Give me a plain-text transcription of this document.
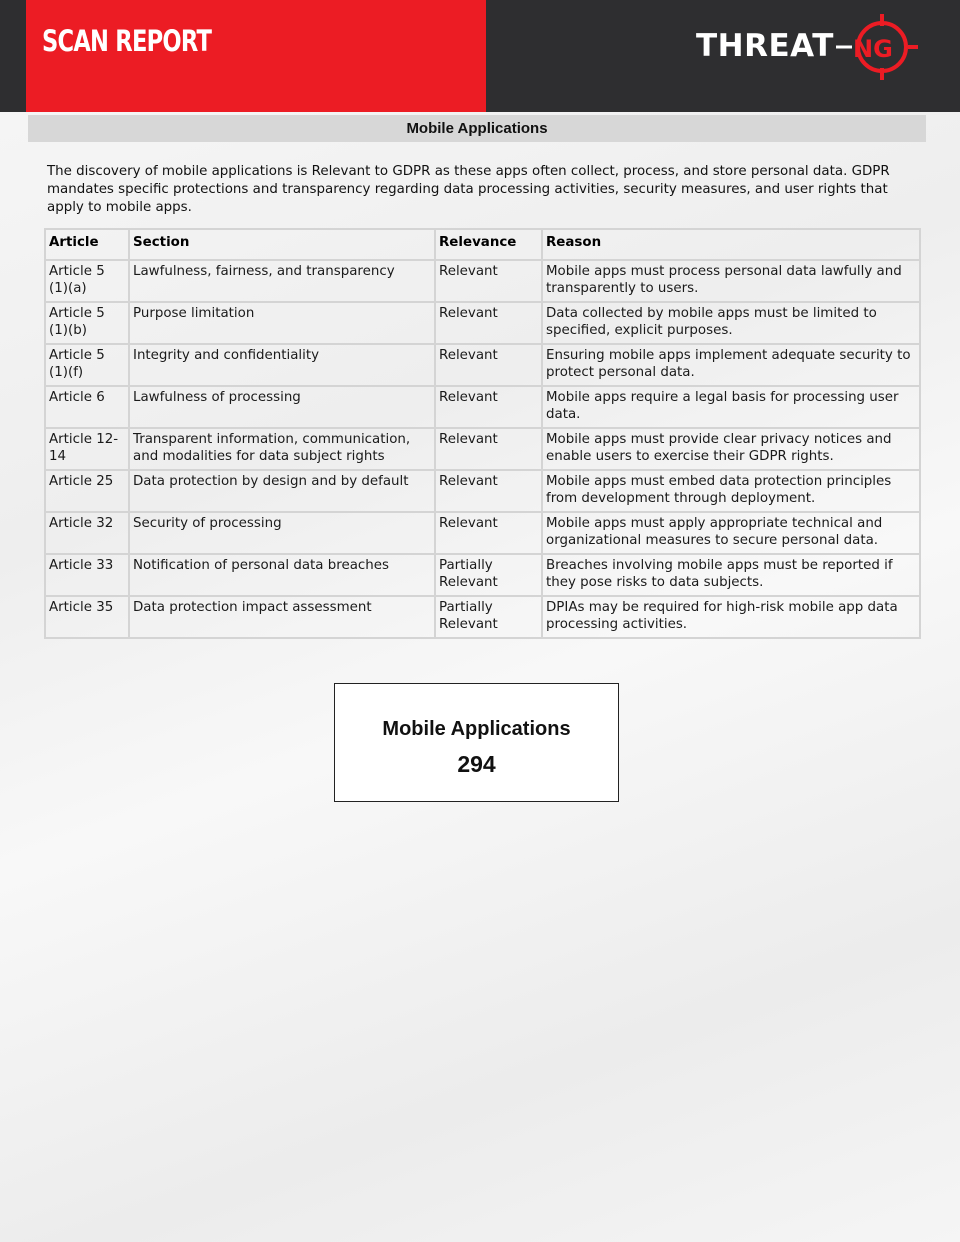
SCAN REPORT	THREAT NG
Mobile Applications

The discovery of mobile applications is Relevant to GDPR as these apps often collect, process, and store personal data. GDPR mandates specific protections and transparency regarding data processing activities, security measures, and user rights that apply to mobile apps.

Article	Section	Relevance	Reason
Article 5 (1)(a)	Lawfulness, fairness, and transparency	Relevant	Mobile apps must process personal data lawfully and transparently to users.
Article 5 (1)(b)	Purpose limitation	Relevant	Data collected by mobile apps must be limited to specified, explicit purposes.
Article 5 (1)(f)	Integrity and confidentiality	Relevant	Ensuring mobile apps implement adequate security to protect personal data.
Article 6	Lawfulness of processing	Relevant	Mobile apps require a legal basis for processing user data.
Article 12-14	Transparent information, communication, and modalities for data subject rights	Relevant	Mobile apps must provide clear privacy notices and enable users to exercise their GDPR rights.
Article 25	Data protection by design and by default	Relevant	Mobile apps must embed data protection principles from development through deployment.
Article 32	Security of processing	Relevant	Mobile apps must apply appropriate technical and organizational measures to secure personal data.
Article 33	Notification of personal data breaches	Partially Relevant	Breaches involving mobile apps must be reported if they pose risks to data subjects.
Article 35	Data protection impact assessment	Partially Relevant	DPIAs may be required for high-risk mobile app data processing activities.
Mobile Applications
294
